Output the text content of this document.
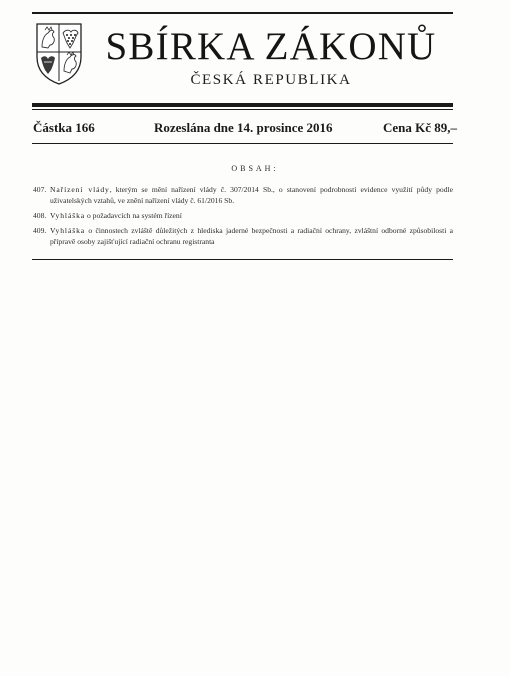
SBÍRKA ZÁKONŮ
ČESKÁ REPUBLIKA
Částka 166	Rozeslána dne 14. prosince 2016	Cena Kč 89,–
OBSAH:
407. Nařízení vlády, kterým se mění nařízení vlády č. 307/2014 Sb., o stanovení podrobností evidence využití půdy podle uživatelských vztahů, ve znění nařízení vlády č. 61/2016 Sb.
408. Vyhláška o požadavcích na systém řízení
409. Vyhláška o činnostech zvláště důležitých z hlediska jaderné bezpečnosti a radiační ochrany, zvláštní odborné způsobilosti a přípravě osoby zajišťující radiační ochranu registranta
